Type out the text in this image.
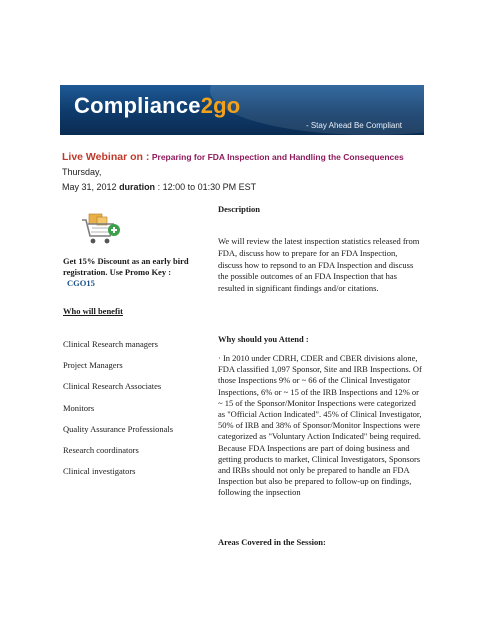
Compliance2go
- Stay Ahead Be Compliant
Live Webinar on : Preparing for FDA Inspection and Handling the Consequences Thursday,
May 31, 2012 duration : 12:00 to 01:30 PM EST
Get 15% Discount as an early bird registration. Use Promo Key :
CGO15
Who will benefit
Clinical Research managers
Project Managers
Clinical Research Associates
Monitors
Quality Assurance Professionals
Research coordinators
Clinical investigators
Description
We will review the latest inspection statistics released from FDA, discuss how to prepare for an FDA Inspection, discuss how to repsond to an FDA Inspection and discuss the possible outcomes of an FDA Inspection that has resulted in significant findings and/or citations.
Why should you Attend :
· In 2010 under CDRH, CDER and CBER divisions alone, FDA classified 1,097 Sponsor, Site and IRB Inspections. Of those Inspections 9% or ~ 66 of the Clinical Investigator Inspections, 6% or ~ 15 of the IRB Inspections and 12% or ~ 15 of the Sponsor/Monitor Inspections were categorized as "Official Action Indicated". 45% of Clinical Investigator, 50% of IRB and 38% of Sponsor/Monitor Inspections were categorized as "Voluntary Action Indicated" being required. Because FDA Inspections are part of doing business and getting products to market, Clinical Investigators, Sponsors and IRBs should not only be prepared to handle an FDA Inspection but also be prepared to follow-up on findings, following the inpsection
Areas Covered in the Session:
